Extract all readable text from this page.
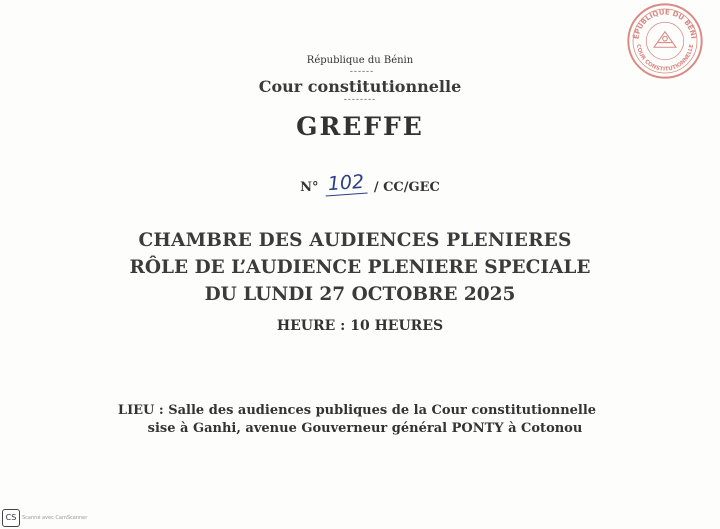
ÉPUBLIQUE DU BÉNI
COUR CONSTITUTIONNELLE
République du Bénin
------
Cour constitutionnelle
--------
GREFFE
N° 102 / CC/GEC
CHAMBRE DES AUDIENCES PLENIERES
RÔLE DE L’AUDIENCE PLENIERE SPECIALE
DU LUNDI 27 OCTOBRE 2025
HEURE : 10 HEURES
LIEU : Salle des audiences publiques de la Cour constitutionnelle
sise à Ganhi, avenue Gouverneur général PONTY à Cotonou
CS	Scanné avec CamScanner
